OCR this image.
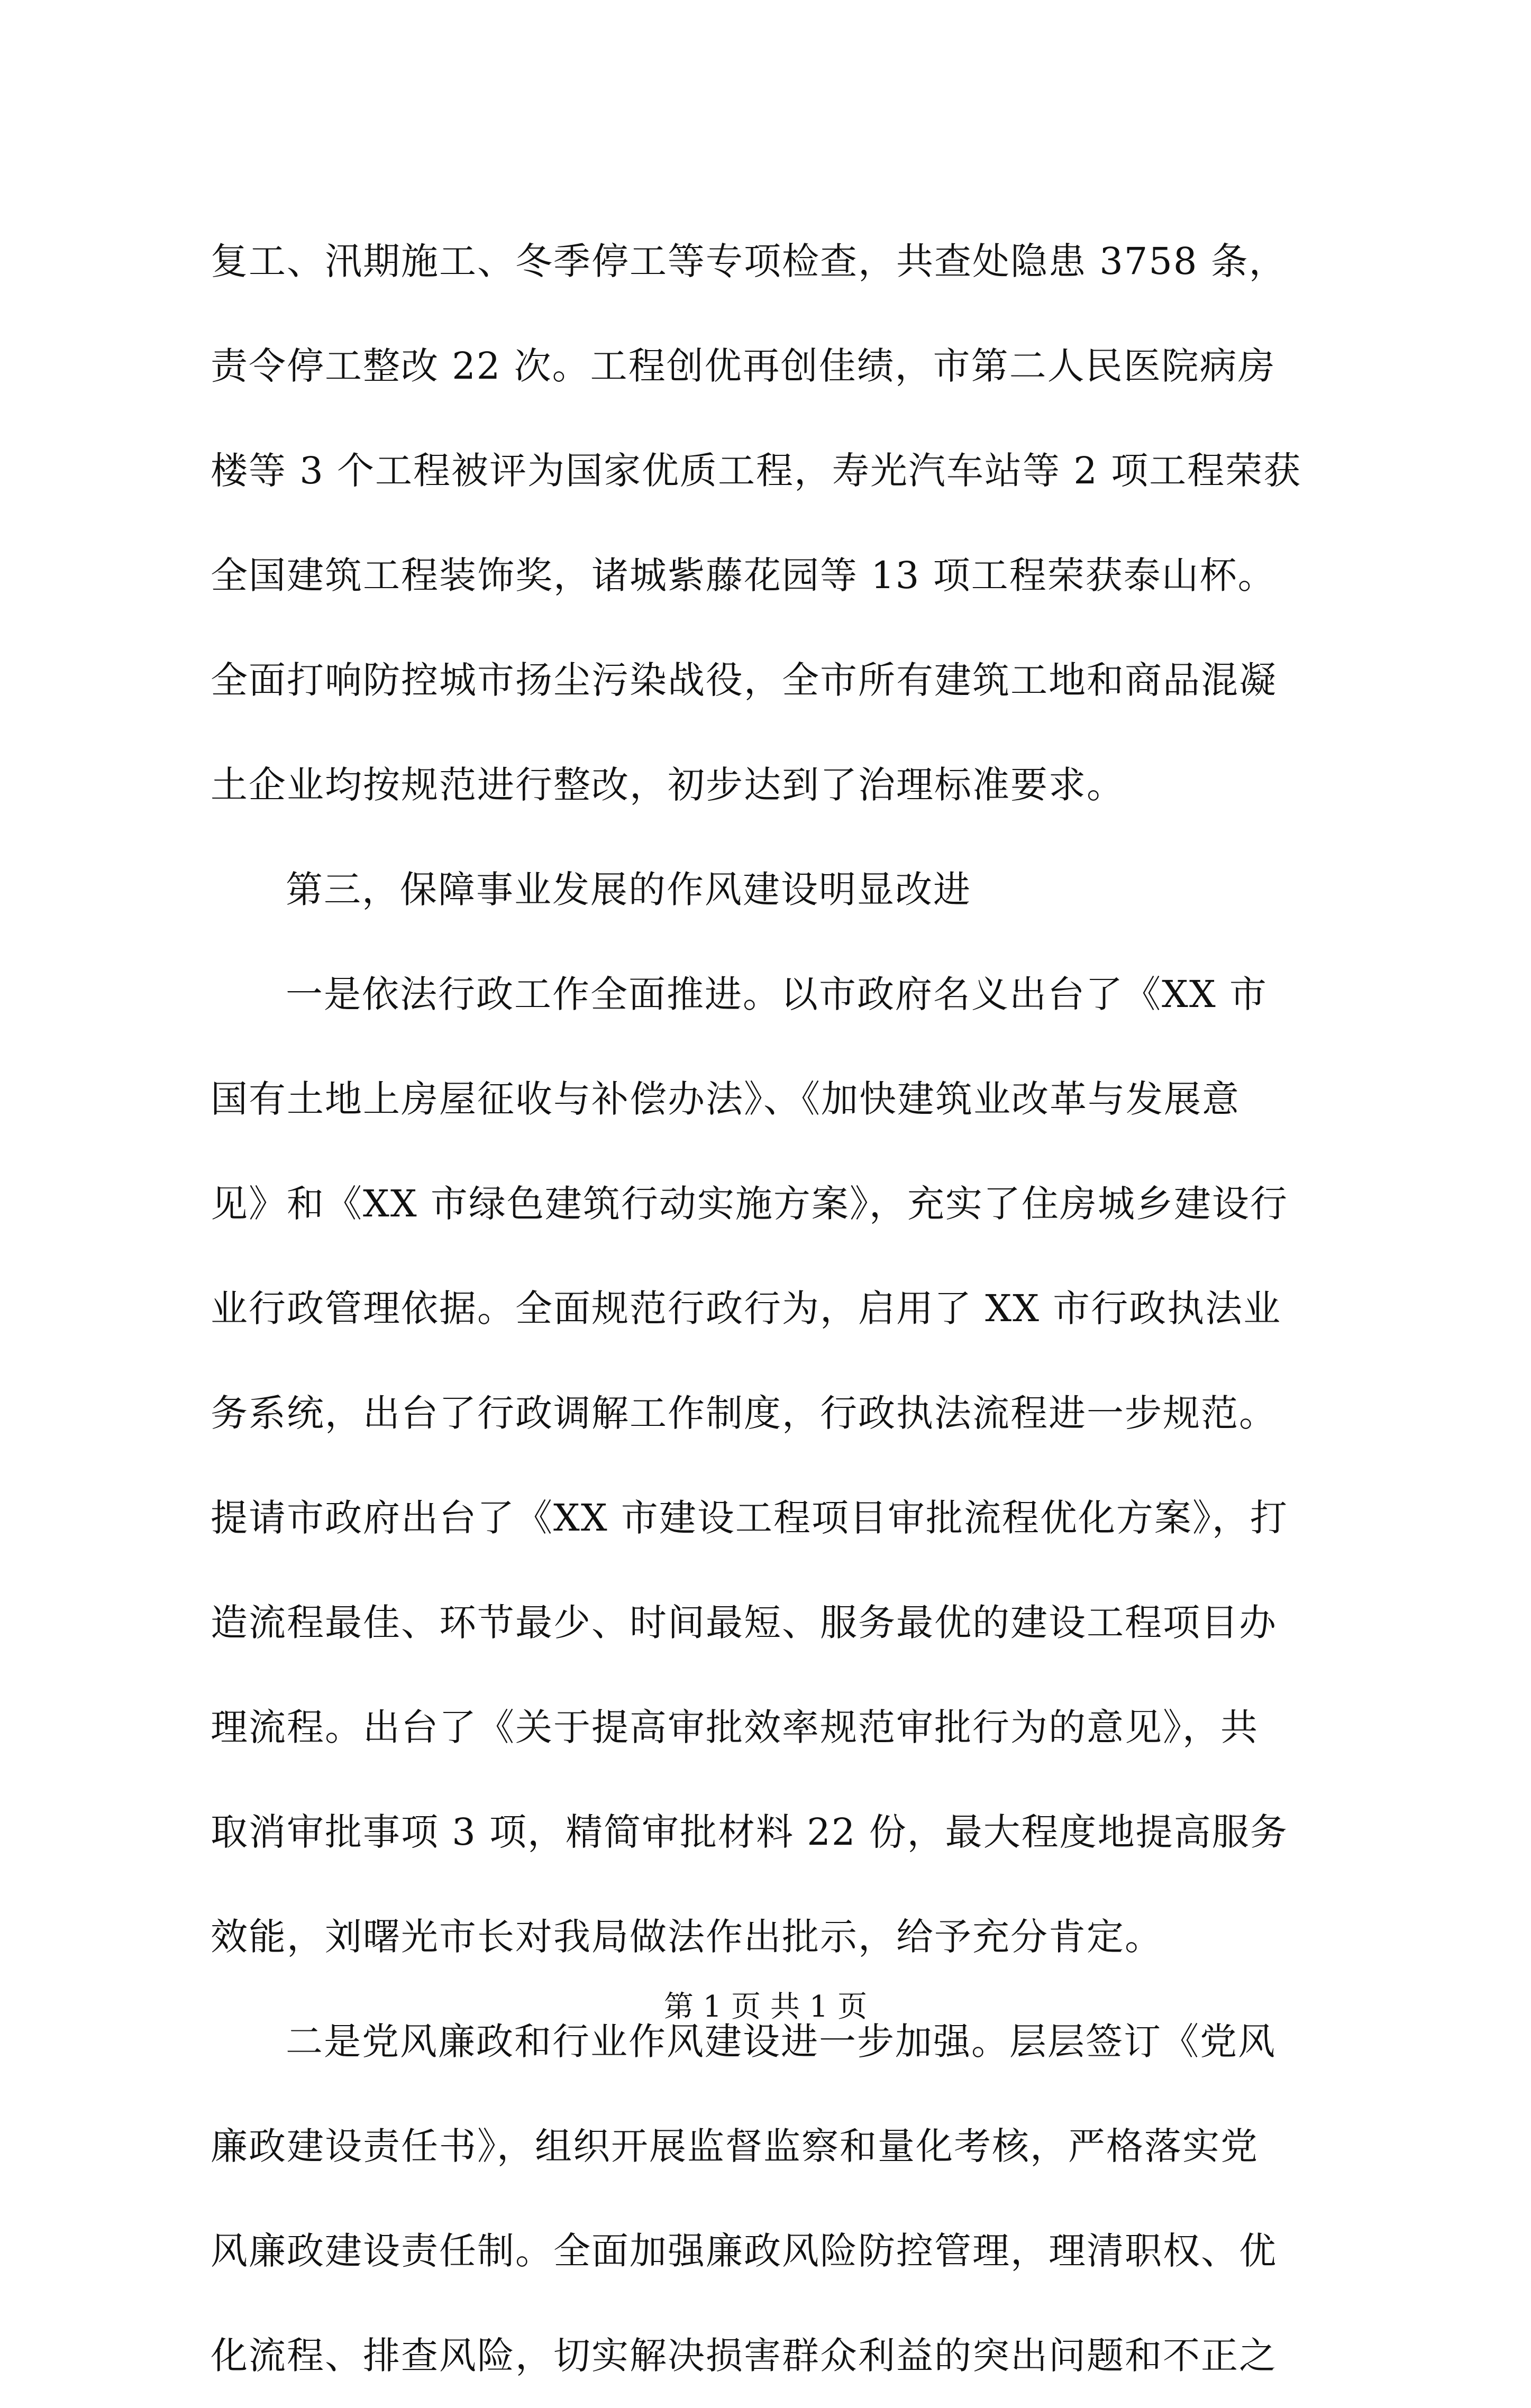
复工、汛期施工、冬季停工等专项检查，共查处隐患 3758 条，
责令停工整改 22 次。工程创优再创佳绩，市第二人民医院病房
楼等 3 个工程被评为国家优质工程，寿光汽车站等 2 项工程荣获
全国建筑工程装饰奖，诸城紫藤花园等 13 项工程荣获泰山杯。
全面打响防控城市扬尘污染战役，全市所有建筑工地和商品混凝
土企业均按规范进行整改，初步达到了治理标准要求。
第三，保障事业发展的作风建设明显改进
一是依法行政工作全面推进。以市政府名义出台了《XX 市
国有土地上房屋征收与补偿办法》、《加快建筑业改革与发展意
见》和《XX 市绿色建筑行动实施方案》，充实了住房城乡建设行
业行政管理依据。全面规范行政行为，启用了 XX 市行政执法业
务系统，出台了行政调解工作制度，行政执法流程进一步规范。
提请市政府出台了《XX 市建设工程项目审批流程优化方案》，打
造流程最佳、环节最少、时间最短、服务最优的建设工程项目办
理流程。出台了《关于提高审批效率规范审批行为的意见》，共
取消审批事项 3 项，精简审批材料 22 份，最大程度地提高服务
效能，刘曙光市长对我局做法作出批示，给予充分肯定。
二是党风廉政和行业作风建设进一步加强。层层签订《党风
廉政建设责任书》，组织开展监督监察和量化考核，严格落实党
风廉政建设责任制。全面加强廉政风险防控管理，理清职权、优
化流程、排查风险，切实解决损害群众利益的突出问题和不正之
第 1 页 共 1 页
